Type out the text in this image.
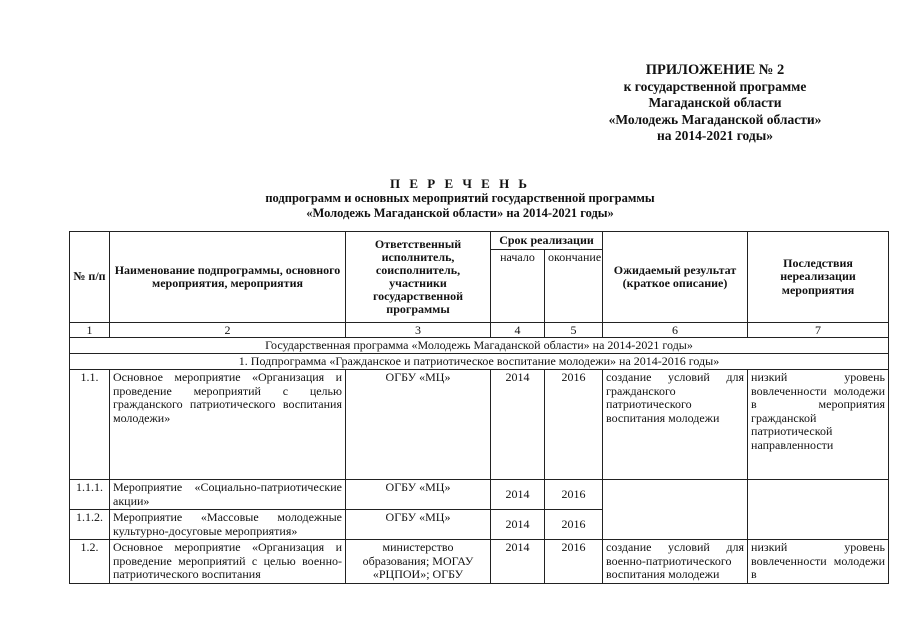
ПРИЛОЖЕНИЕ № 2
к государственной программе
Магаданской области
«Молодежь Магаданской области»
на 2014-2021 годы»
П Е Р Е Ч Е Н Ь
подпрограмм и основных мероприятий государственной программы
«Молодежь Магаданской области» на 2014-2021 годы»
№ п/п	Наименование подпрограммы, основного мероприятия, мероприятия	Ответственный исполнитель, соисполнитель, участники государственной программы	Срок реализации		Ожидаемый результат (краткое описание)	Последствия нереализации мероприятия
			начало	окончание		
1	2	3	4	5	6	7
Государственная программа «Молодежь Магаданской области» на 2014-2021 годы»						
1. Подпрограмма «Гражданское и патриотическое воспитание молодежи» на 2014-2016 годы»						
1.1.	Основное мероприятие «Организация и проведение мероприятий с целью гражданского патриотического воспитания молодежи»	ОГБУ «МЦ»	2014	2016	создание условий для гражданского патриотического воспитания молодежи	низкий уровень вовлеченности молодежи в мероприятия гражданской патриотической направленности
1.1.1.	Мероприятие «Социально-патриотические акции»	ОГБУ «МЦ»	2014	2016		
1.1.2.	Мероприятие «Массовые молодежные культурно-досуговые мероприятия»	ОГБУ «МЦ»	2014	2016		
1.2.	Основное мероприятие «Организация и проведение мероприятий с целью военно-патриотического воспитания	министерство образования; МОГАУ «РЦПОИ»; ОГБУ	2014	2016	создание условий для военно-патриотического воспитания молодежи	низкий уровень вовлеченности молодежи в
